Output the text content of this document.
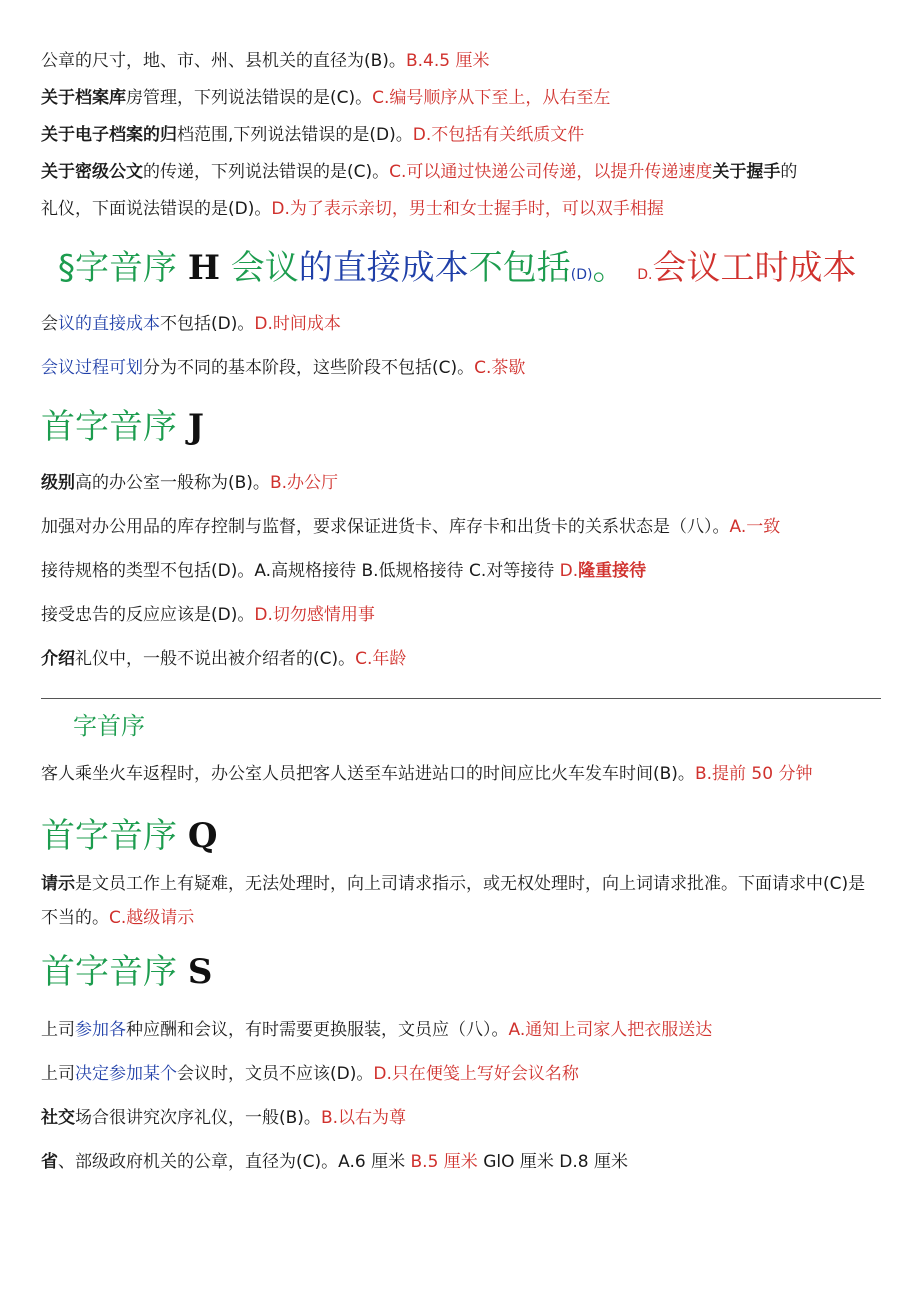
公章的尺寸，地、市、州、县机关的直径为(B)。B.4.5 厘米
关于档案库房管理，下列说法错误的是(C)。C.编号顺序从下至上，从右至左
关于电子档案的归档范围,下列说法错误的是(D)。D.不包括有关纸质文件
关于密级公文的传递，下列说法错误的是(C)。C.可以通过快递公司传递，以提升传递速度关于握手的
礼仪，下面说法错误的是(D)。D.为了表示亲切，男士和女士握手时，可以双手相握
§字音序 H 会议的直接成本不包括(D)。 D.会议工时成本
会议的直接成本不包括(D)。D.时间成本
会议过程可划分为不同的基本阶段，这些阶段不包括(C)。C.茶歇
首字音序 J
级别高的办公室一般称为(B)。B.办公厅
加强对办公用品的库存控制与监督，要求保证进货卡、库存卡和出货卡的关系状态是（八）。A.一致
接待规格的类型不包括(D)。A.高规格接待 B.低规格接待 C.对等接待 D.隆重接待
接受忠告的反应应该是(D)。D.切勿感情用事
介绍礼仪中，一般不说出被介绍者的(C)。C.年龄
字首序
客人乘坐火车返程时，办公室人员把客人送至车站进站口的时间应比火车发车时间(B)。B.提前 50 分钟
首字音序 Q
请示是文员工作上有疑难，无法处理时，向上司请求指示，或无权处理时，向上词请求批准。下面请求中(C)是不当的。C.越级请示
首字音序 S
上司参加各种应酬和会议，有时需要更换服装，文员应（八）。A.通知上司家人把衣服送达
上司决定参加某个会议时，文员不应该(D)。D.只在便笺上写好会议名称
社交场合很讲究次序礼仪，一般(B)。B.以右为尊
省、部级政府机关的公章，直径为(C)。A.6 厘米 B.5 厘米 GlO 厘米 D.8 厘米
